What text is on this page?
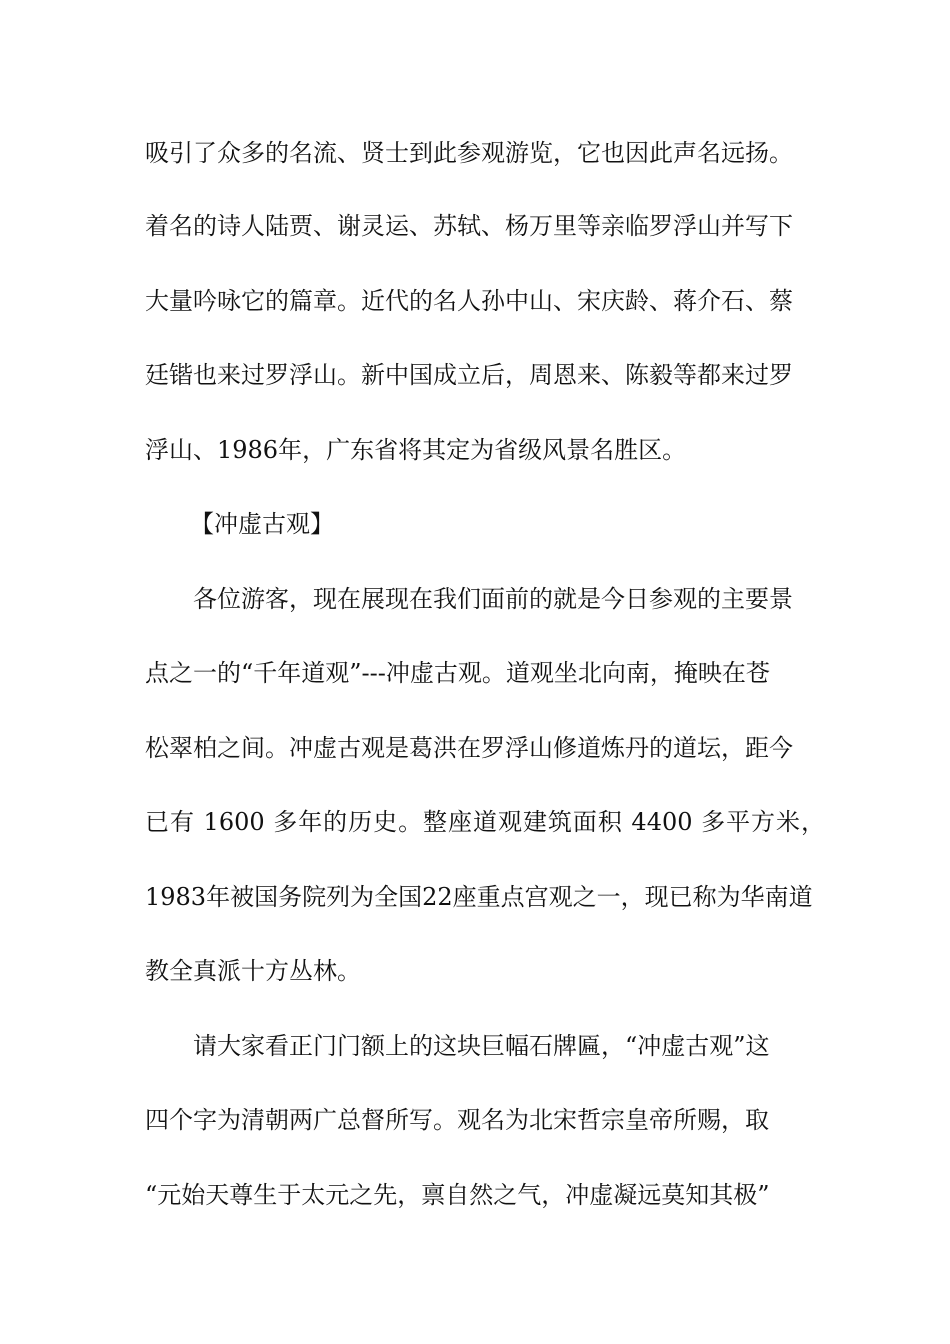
吸引了众多的名流、贤士到此参观游览，它也因此声名远扬。
着名的诗人陆贾、谢灵运、苏轼、杨万里等亲临罗浮山并写下
大量吟咏它的篇章。近代的名人孙中山、宋庆龄、蒋介石、蔡
廷锴也来过罗浮山。新中国成立后，周恩来、陈毅等都来过罗
浮山、1986年，广东省将其定为省级风景名胜区。
【冲虚古观】
各位游客，现在展现在我们面前的就是今日参观的主要景
点之一的“千年道观”---冲虚古观。道观坐北向南，掩映在苍
松翠柏之间。冲虚古观是葛洪在罗浮山修道炼丹的道坛，距今
已有 1600 多年的历史。整座道观建筑面积 4400 多平方米，
1983年被国务院列为全国22座重点宫观之一，现已称为华南道
教全真派十方丛林。
请大家看正门门额上的这块巨幅石牌匾，“冲虚古观”这
四个字为清朝两广总督所写。观名为北宋哲宗皇帝所赐，取
“元始天尊生于太元之先，禀自然之气，冲虚凝远莫知其极”
